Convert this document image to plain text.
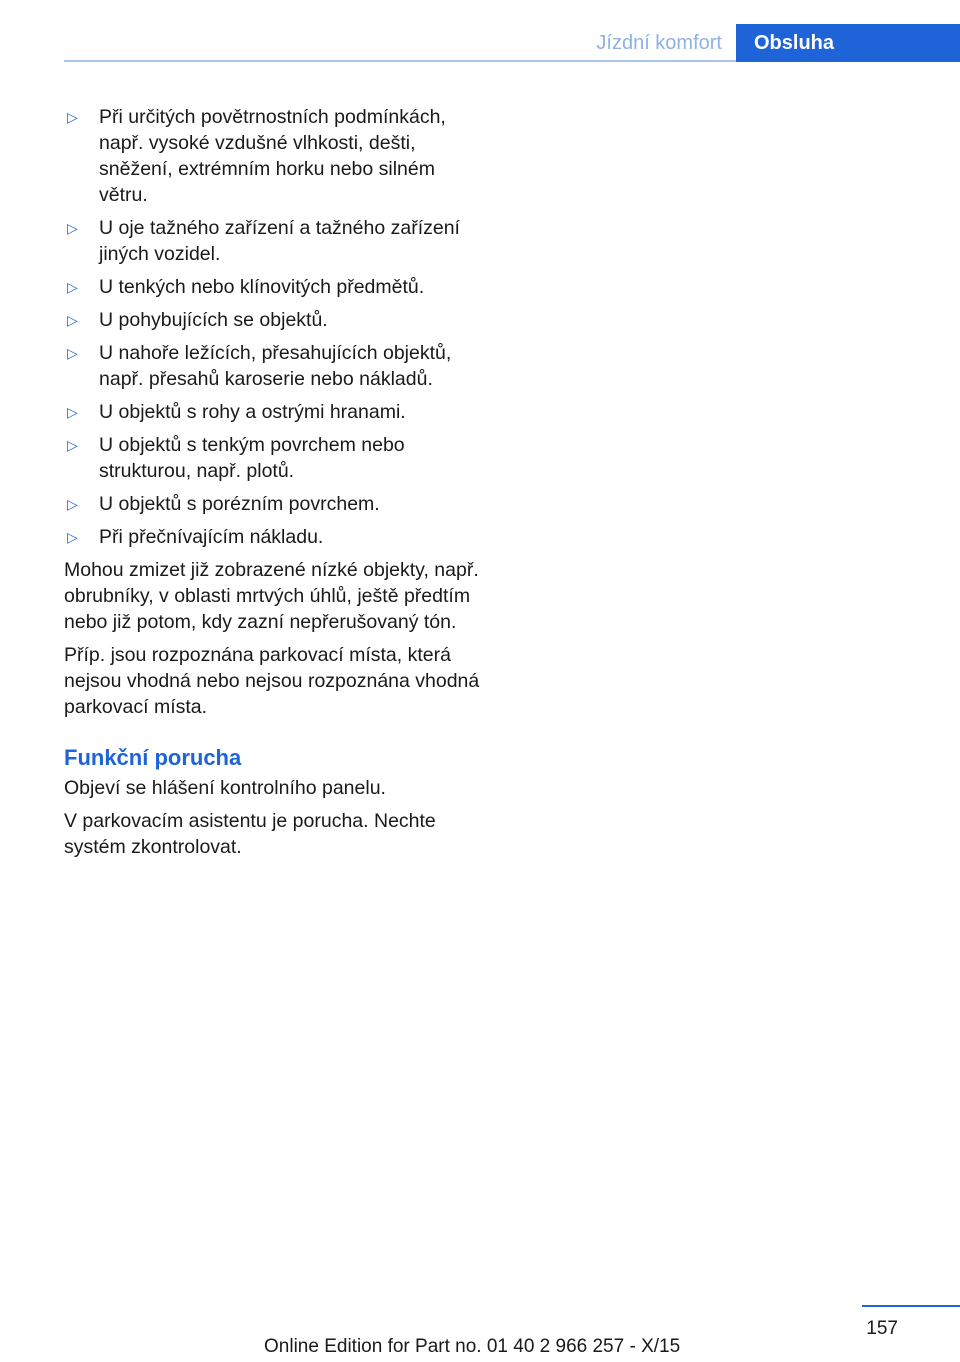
Jízdní komfort	Obsluha
▷ Při určitých povětrnostních podmínkách, např. vysoké vzdušné vlhkosti, dešti, sněžení, extrémním horku nebo silném větru.
▷ U oje tažného zařízení a tažného zařízení jiných vozidel.
▷ U tenkých nebo klínovitých předmětů.
▷ U pohybujících se objektů.
▷ U nahoře ležících, přesahujících objektů, např. přesahů karoserie nebo nákladů.
▷ U objektů s rohy a ostrými hranami.
▷ U objektů s tenkým povrchem nebo strukturou, např. plotů.
▷ U objektů s porézním povrchem.
▷ Při přečnívajícím nákladu.

Mohou zmizet již zobrazené nízké objekty, např. obrubníky, v oblasti mrtvých úhlů, ještě předtím nebo již potom, kdy zazní nepřerušovaný tón.

Příp. jsou rozpoznána parkovací místa, která nejsou vhodná nebo nejsou rozpoznána vhodná parkovací místa.

Funkční porucha

Objeví se hlášení kontrolního panelu.

V parkovacím asistentu je porucha. Nechte systém zkontrolovat.

157
Online Edition for Part no. 01 40 2 966 257 - X/15
